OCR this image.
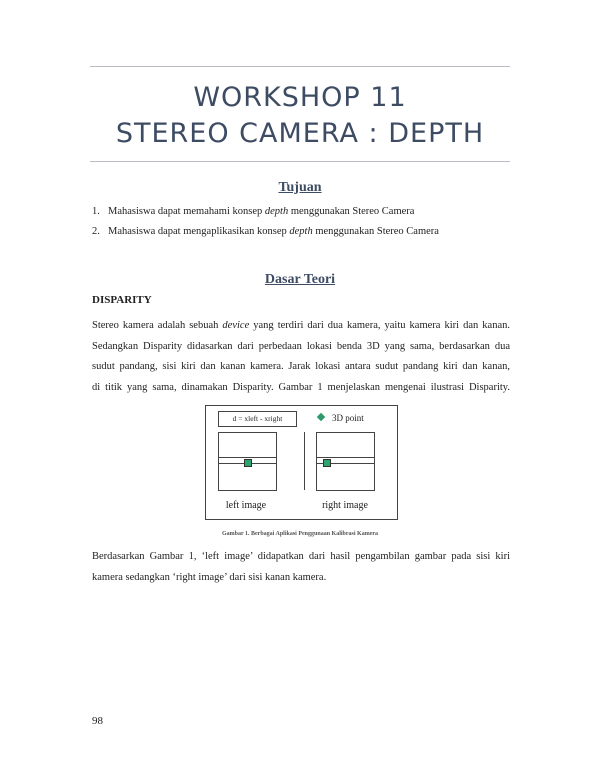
WORKSHOP 11
STEREO CAMERA : DEPTH
Tujuan
1. Mahasiswa dapat memahami konsep depth menggunakan Stereo Camera
2. Mahasiswa dapat mengaplikasikan konsep depth menggunakan Stereo Camera
Dasar Teori
DISPARITY
Stereo kamera adalah sebuah device yang terdiri dari dua kamera, yaitu kamera kiri dan kanan.
Sedangkan Disparity didasarkan dari perbedaan lokasi benda 3D yang sama, berdasarkan dua
sudut pandang, sisi kiri dan kanan kamera. Jarak lokasi antara sudut pandang kiri dan kanan,
di titik yang sama, dinamakan Disparity. Gambar 1 menjelaskan mengenai ilustrasi Disparity.
d = xleft - xright	3D point
left image	right image
Gambar 1. Berbagai Aplikasi Penggunaan Kalibrasi Kamera
Berdasarkan Gambar 1, ‘left image’ didapatkan dari hasil pengambilan gambar pada sisi kiri
kamera sedangkan ‘right image’ dari sisi kanan kamera.
98
